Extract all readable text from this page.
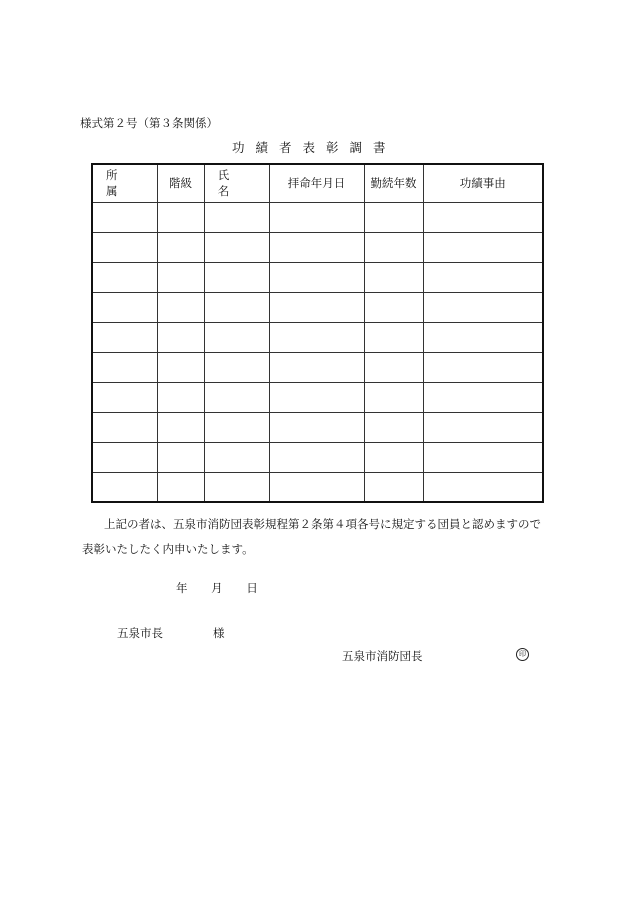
様式第２号（第３条関係）
功績者表彰調書
所属	階級	氏名	拝命年月日	勤続年数	功績事由

上記の者は、五泉市消防団表彰規程第２条第４項各号に規定する団員と認めますので
表彰いたしたく内申いたします。
年 月 日
五泉市長	様
五泉市消防団長	印
